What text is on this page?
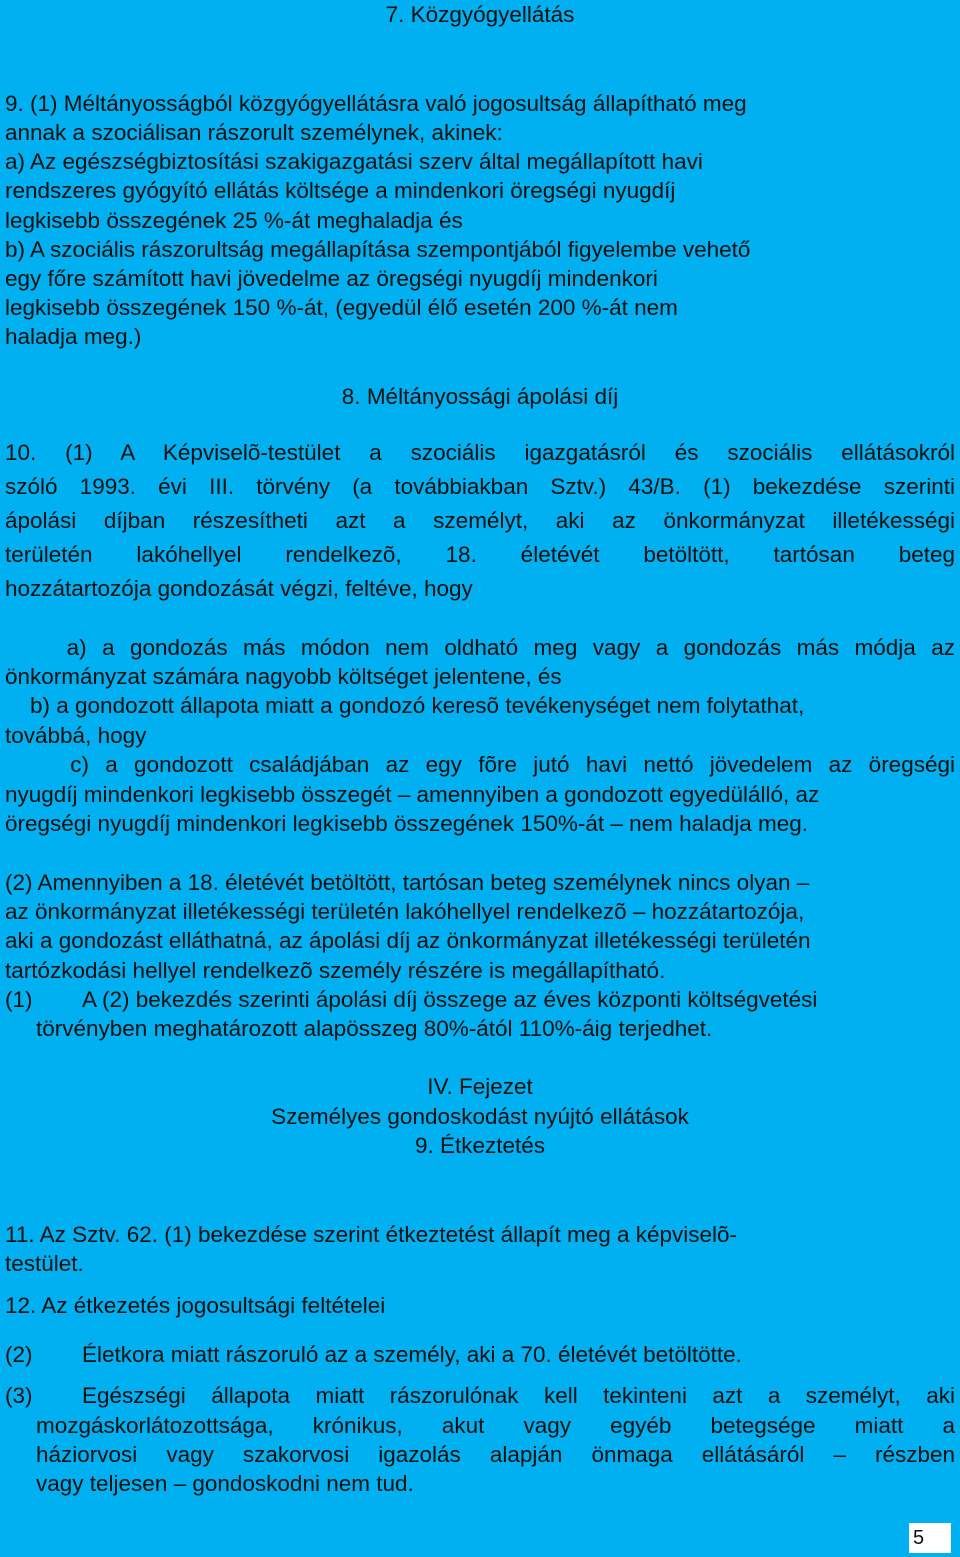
7. Közgyógyellátás
9. (1) Méltányosságból közgyógyellátásra való jogosultság állapítható meg
annak a szociálisan rászorult személynek, akinek:
a) Az egészségbiztosítási szakigazgatási szerv által megállapított havi
rendszeres gyógyító ellátás költsége a mindenkori öregségi nyugdíj
legkisebb összegének 25 %-át meghaladja és
b) A szociális rászorultság megállapítása szempontjából figyelembe vehető
egy főre számított havi jövedelme az öregségi nyugdíj mindenkori
legkisebb összegének 150 %-át, (egyedül élő esetén 200 %-át nem
haladja meg.)
8. Méltányossági ápolási díj
10. (1) A Képviselõ-testület a szociális igazgatásról és szociális ellátásokról
szóló 1993. évi III. törvény (a továbbiakban Sztv.) 43/B. (1) bekezdése szerinti
ápolási díjban részesítheti azt a személyt, aki az önkormányzat illetékességi
területén lakóhellyel rendelkezõ, 18. életévét betöltött, tartósan beteg
hozzátartozója gondozását végzi, feltéve, hogy
a) a gondozás más módon nem oldható meg vagy a gondozás más módja az
önkormányzat számára nagyobb költséget jelentene, és
b) a gondozott állapota miatt a gondozó keresõ tevékenységet nem folytathat,
továbbá, hogy
c) a gondozott családjában az egy fõre jutó havi nettó jövedelem az öregségi
nyugdíj mindenkori legkisebb összegét – amennyiben a gondozott egyedülálló, az
öregségi nyugdíj mindenkori legkisebb összegének 150%-át – nem haladja meg.
(2) Amennyiben a 18. életévét betöltött, tartósan beteg személynek nincs olyan –
az önkormányzat illetékességi területén lakóhellyel rendelkezõ – hozzátartozója,
aki a gondozást elláthatná, az ápolási díj az önkormányzat illetékességi területén
tartózkodási hellyel rendelkezõ személy részére is megállapítható.
(1) A (2) bekezdés szerinti ápolási díj összege az éves központi költségvetési
törvényben meghatározott alapösszeg 80%-ától 110%-áig terjedhet.
IV. Fejezet
Személyes gondoskodást nyújtó ellátások
9. Étkeztetés
11. Az Sztv. 62. (1) bekezdése szerint étkeztetést állapít meg a képviselõ-
testület.
12. Az étkezetés jogosultsági feltételei
(2) Életkora miatt rászoruló az a személy, aki a 70. életévét betöltötte.
(3) Egészségi állapota miatt rászorulónak kell tekinteni azt a személyt, aki
mozgáskorlátozottsága, krónikus, akut vagy egyéb betegsége miatt a
háziorvosi vagy szakorvosi igazolás alapján önmaga ellátásáról – részben
vagy teljesen – gondoskodni nem tud.
5
